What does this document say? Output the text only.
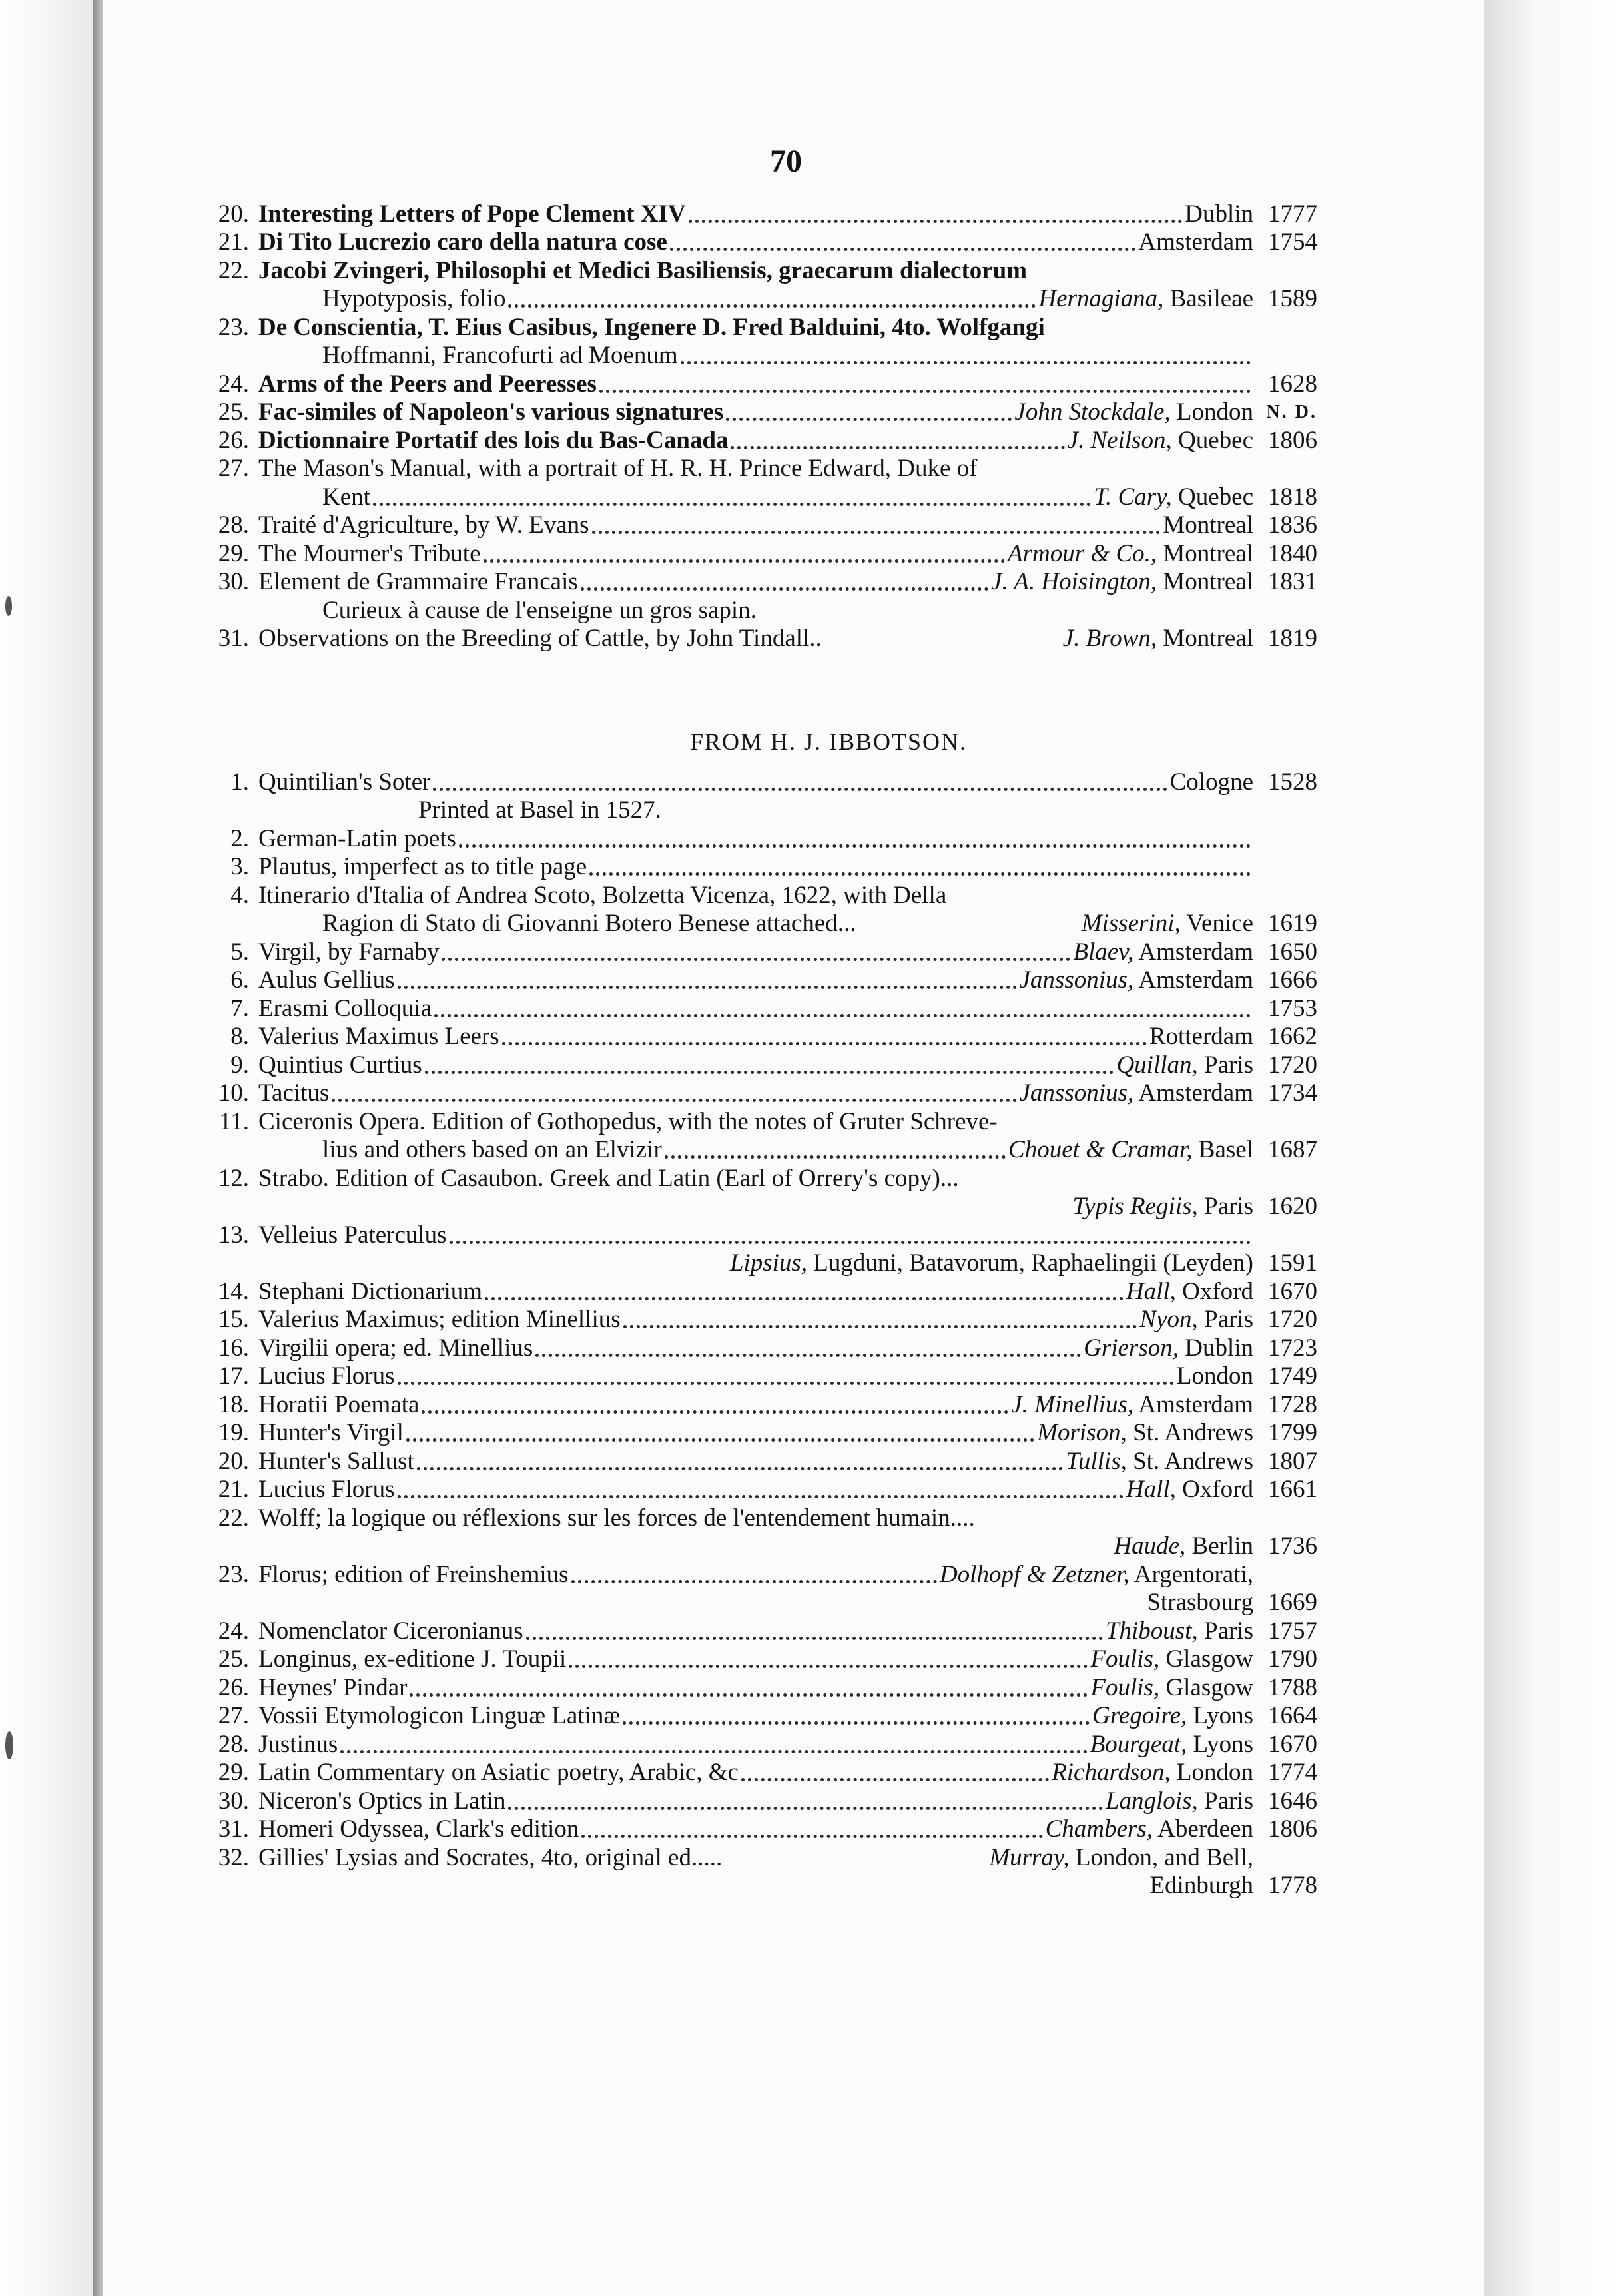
70
20. Interesting Letters of Pope Clement XIV	Dublin 1777
21. Di Tito Lucrezio caro della natura cose	Amsterdam 1754
22. Jacobi Zvingeri, Philosophi et Medici Basiliensis, graecarum dialectorum
Hypotyposis, folio	Hernagiana, Basileae 1589
23. De Conscientia, T. Eius Casibus, Ingenere D. Fred Balduini, 4to. Wolfgangi
Hoffmanni, Francofurti ad Moenum
24. Arms of the Peers and Peeresses	1628
25. Fac-similes of Napoleon's various signatures	John Stockdale, London N. D.
26. Dictionnaire Portatif des lois du Bas-Canada	J. Neilson, Quebec 1806
27. The Mason's Manual, with a portrait of H. R. H. Prince Edward, Duke of
Kent	T. Cary, Quebec 1818
28. Traité d'Agriculture, by W. Evans	Montreal 1836
29. The Mourner's Tribute	Armour & Co., Montreal 1840
30. Element de Grammaire Francais	J. A. Hoisington, Montreal 1831
Curieux à cause de l'enseigne un gros sapin.
31. Observations on the Breeding of Cattle, by John Tindall..	J. Brown, Montreal 1819
FROM H. J. IBBOTSON.
1. Quintilian's Soter	Cologne 1528
Printed at Basel in 1527.
2. German-Latin poets
3. Plautus, imperfect as to title page
4. Itinerario d'Italia of Andrea Scoto, Bolzetta Vicenza, 1622, with Della
Ragion di Stato di Giovanni Botero Benese attached...	Misserini, Venice 1619
5. Virgil, by Farnaby	Blaev, Amsterdam 1650
6. Aulus Gellius	Janssonius, Amsterdam 1666
7. Erasmi Colloquia	1753
8. Valerius Maximus Leers	Rotterdam 1662
9. Quintius Curtius	Quillan, Paris 1720
10. Tacitus	Janssonius, Amsterdam 1734
11. Ciceronis Opera. Edition of Gothopedus, with the notes of Gruter Schreve-
lius and others based on an Elvizir	Chouet & Cramar, Basel 1687
12. Strabo. Edition of Casaubon. Greek and Latin (Earl of Orrery's copy)...
Typis Regiis, Paris 1620
13. Velleius Paterculus
Lipsius, Lugduni, Batavorum, Raphaelingii (Leyden) 1591
14. Stephani Dictionarium	Hall, Oxford 1670
15. Valerius Maximus; edition Minellius	Nyon, Paris 1720
16. Virgilii opera; ed. Minellius	Grierson, Dublin 1723
17. Lucius Florus	London 1749
18. Horatii Poemata	J. Minellius, Amsterdam 1728
19. Hunter's Virgil	Morison, St. Andrews 1799
20. Hunter's Sallust	Tullis, St. Andrews 1807
21. Lucius Florus	Hall, Oxford 1661
22. Wolff; la logique ou réflexions sur les forces de l'entendement humain....
Haude, Berlin 1736
23. Florus; edition of Freinshemius	Dolhopf & Zetzner, Argentorati,
Strasbourg 1669
24. Nomenclator Ciceronianus	Thiboust, Paris 1757
25. Longinus, ex-editione J. Toupii	Foulis, Glasgow 1790
26. Heynes' Pindar	Foulis, Glasgow 1788
27. Vossii Etymologicon Linguæ Latinæ	Gregoire, Lyons 1664
28. Justinus	Bourgeat, Lyons 1670
29. Latin Commentary on Asiatic poetry, Arabic, &c	Richardson, London 1774
30. Niceron's Optics in Latin	Langlois, Paris 1646
31. Homeri Odyssea, Clark's edition	Chambers, Aberdeen 1806
32. Gillies' Lysias and Socrates, 4to, original ed.....	Murray, London, and Bell,
Edinburgh 1778
